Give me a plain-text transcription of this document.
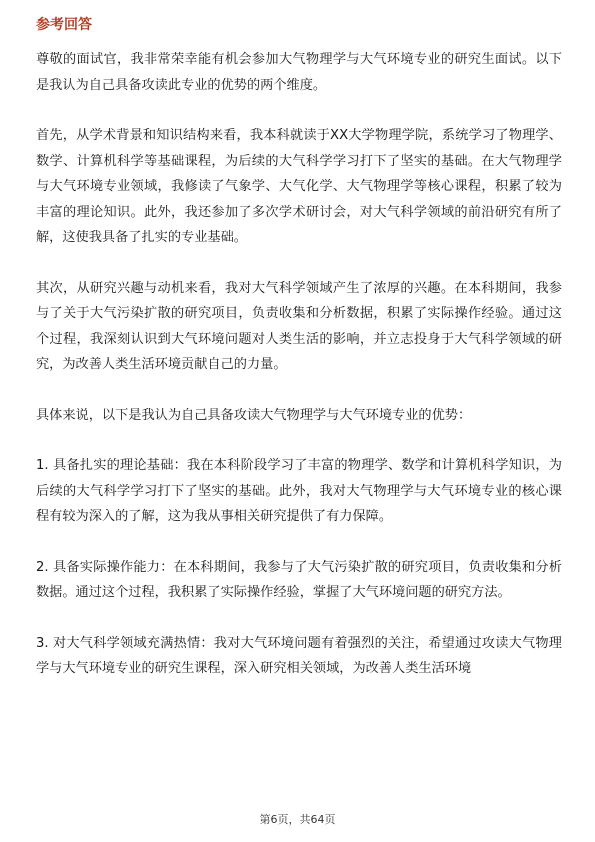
参考回答

尊敬的面试官，我非常荣幸能有机会参加大气物理学与大气环境专业的研究生面试。以下是我认为自己具备攻读此专业的优势的两个维度。

首先，从学术背景和知识结构来看，我本科就读于XX大学物理学院，系统学习了物理学、数学、计算机科学等基础课程，为后续的大气科学学习打下了坚实的基础。在大气物理学与大气环境专业领域，我修读了气象学、大气化学、大气物理学等核心课程，积累了较为丰富的理论知识。此外，我还参加了多次学术研讨会，对大气科学领域的前沿研究有所了解，这使我具备了扎实的专业基础。

其次，从研究兴趣与动机来看，我对大气科学领域产生了浓厚的兴趣。在本科期间，我参与了关于大气污染扩散的研究项目，负责收集和分析数据，积累了实际操作经验。通过这个过程，我深刻认识到大气环境问题对人类生活的影响，并立志投身于大气科学领域的研究，为改善人类生活环境贡献自己的力量。

具体来说，以下是我认为自己具备攻读大气物理学与大气环境专业的优势：

1. 具备扎实的理论基础：我在本科阶段学习了丰富的物理学、数学和计算机科学知识，为后续的大气科学学习打下了坚实的基础。此外，我对大气物理学与大气环境专业的核心课程有较为深入的了解，这为我从事相关研究提供了有力保障。

2. 具备实际操作能力：在本科期间，我参与了大气污染扩散的研究项目，负责收集和分析数据。通过这个过程，我积累了实际操作经验，掌握了大气环境问题的研究方法。

3. 对大气科学领域充满热情：我对大气环境问题有着强烈的关注，希望通过攻读大气物理学与大气环境专业的研究生课程，深入研究相关领域，为改善人类生活环境

第6页，共64页
